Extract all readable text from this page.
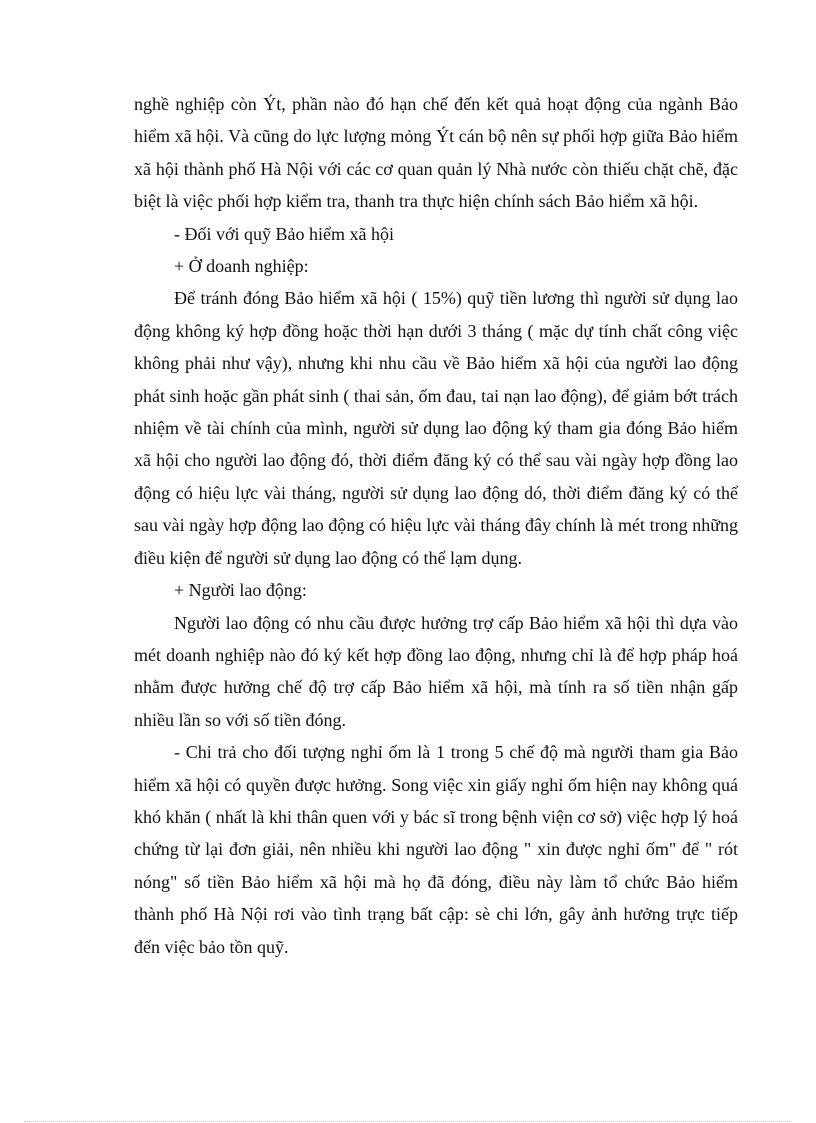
nghề nghiệp còn Ýt, phần nào đó hạn chế đến kết quả hoạt động của ngành Bảo hiểm xã hội. Và cũng do lực lượng mỏng Ýt cán bộ nên sự phối hợp giữa Bảo hiểm xã hội thành phố Hà Nội với các cơ quan quản lý Nhà nước còn thiếu chặt chẽ, đặc biệt là việc phối hợp kiểm tra, thanh tra thực hiện chính sách Bảo hiểm xã hội.

- Đối với quỹ Bảo hiểm xã hội

+ Ở doanh nghiệp:

Để tránh đóng Bảo hiểm xã hội ( 15%) quỹ tiền lương thì người sử dụng lao động không ký hợp đồng hoặc thời hạn dưới 3 tháng ( mặc dự tính chất công việc không phải như vậy), nhưng khi nhu cầu về Bảo hiểm xã hội của người lao động phát sinh hoặc gần phát sinh ( thai sản, ốm đau, tai nạn lao động), để giảm bớt trách nhiệm về tài chính của mình, người sử dụng lao động ký tham gia đóng Bảo hiểm xã hội cho người lao động đó, thời điểm đăng ký có thể sau vài ngày hợp đồng lao động có hiệu lực vài tháng, người sử dụng lao động dó, thời điểm đăng ký có thể sau vài ngày hợp động lao động có hiệu lực vài tháng đây chính là mét trong những điều kiện để người sử dụng lao động có thể lạm dụng.

+ Người lao động:

Người lao động có nhu cầu được hưởng trợ cấp Bảo hiểm xã hội thì dựa vào mét doanh nghiệp nào đó ký kết hợp đồng lao động, nhưng chỉ là để hợp pháp hoá nhằm được hưởng chế độ trợ cấp Bảo hiểm xã hội, mà tính ra số tiền nhận gấp nhiều lần so với số tiền đóng.

- Chi trả cho đối tượng nghỉ ốm là 1 trong 5 chế độ mà người tham gia Bảo hiểm xã hội có quyền được hưởng. Song việc xin giấy nghỉ ốm hiện nay không quá khó khăn ( nhất là khi thân quen với y bác sĩ trong bệnh viện cơ sở) việc hợp lý hoá chứng từ lại đơn giải, nên nhiều khi người lao động " xin được nghỉ ốm" để " rót nóng" số tiền Bảo hiểm xã hội mà họ đã đóng, điều này làm tổ chức Bảo hiểm thành phố Hà Nội rơi vào tình trạng bất cập: sè chi lớn, gây ảnh hưởng trực tiếp đến việc bảo tồn quỹ.
